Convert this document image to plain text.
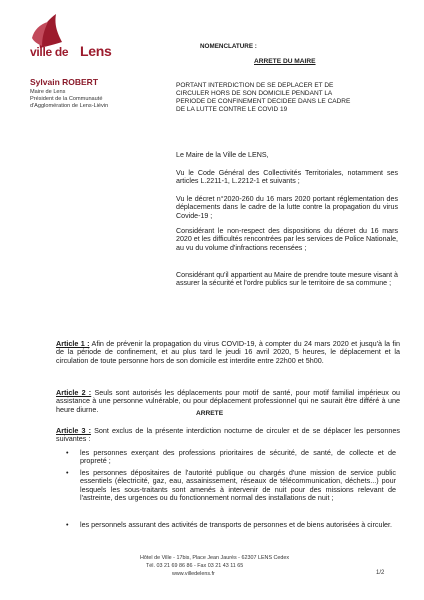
ville de Lens
Sylvain ROBERT
Maire de Lens
Président de la Communauté
d'Agglomération de Lens-Liévin
NOMENCLATURE :
ARRETE DU MAIRE
PORTANT INTERDICTION DE SE DEPLACER ET DE
CIRCULER HORS DE SON DOMICILE PENDANT LA
PERIODE DE CONFINEMENT DECIDEE DANS LE CADRE
DE LA LUTTE CONTRE LE COVID 19
Le Maire de la Ville de LENS,
Vu le Code Général des Collectivités Territoriales, notamment ses articles L.2211-1, L.2212-1 et suivants ;
Vu le décret n°2020-260 du 16 mars 2020 portant réglementation des déplacements dans le cadre de la lutte contre la propagation du virus Covide-19 ;
Considérant le non-respect des dispositions du décret du 16 mars 2020 et les difficultés rencontrées par les services de Police Nationale, au vu du volume d'infractions recensées ;
Considérant qu'il appartient au Maire de prendre toute mesure visant à assurer la sécurité et l'ordre publics sur le territoire de sa commune ;
ARRETE
Article 1 : Afin de prévenir la propagation du virus COVID-19, à compter du 24 mars 2020 et jusqu'à la fin de la période de confinement, et au plus tard le jeudi 16 avril 2020, 5 heures, le déplacement et la circulation de toute personne hors de son domicile est interdite entre 22h00 et 5h00.
Article 2 : Seuls sont autorisés les déplacements pour motif de santé, pour motif familial impérieux ou assistance à une personne vulnérable, ou pour déplacement professionnel qui ne saurait être différé à une heure diurne.
Article 3 : Sont exclus de la présente interdiction nocturne de circuler et de se déplacer les personnes suivantes :
• les personnes exerçant des professions prioritaires de sécurité, de santé, de collecte et de propreté ;
• les personnes dépositaires de l'autorité publique ou chargés d'une mission de service public essentiels (électricité, gaz, eau, assainissement, réseaux de télécommunication, déchets...) pour lesquels les sous-traitants sont amenés à intervenir de nuit pour des missions relevant de l'astreinte, des urgences ou du fonctionnement normal des installations de nuit ;
• les personnels assurant des activités de transports de personnes et de biens autorisées à circuler.
Hôtel de Ville - 17bis, Place Jean Jaurès - 62307 LENS Cedex
Tél. 03 21 69 86 86 - Fax 03 21 43 11 65
www.villedelens.fr	1/2
